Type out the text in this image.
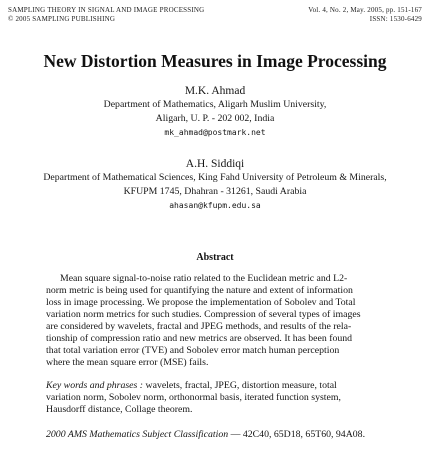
SAMPLING THEORY IN SIGNAL AND IMAGE PROCESSING
© 2005 SAMPLING PUBLISHING
Vol. 4, No. 2, May. 2005, pp. 151-167
ISSN: 1530-6429
New Distortion Measures in Image Processing
M.K. Ahmad
Department of Mathematics, Aligarh Muslim University,
Aligarh, U. P. - 202 002, India
mk_ahmad@postmark.net
A.H. Siddiqi
Department of Mathematical Sciences, King Fahd University of Petroleum & Minerals,
KFUPM 1745, Dhahran - 31261, Saudi Arabia
ahasan@kfupm.edu.sa
Abstract
Mean square signal-to-noise ratio related to the Euclidean metric and L2-
norm metric is being used for quantifying the nature and extent of information
loss in image processing. We propose the implementation of Sobolev and Total
variation norm metrics for such studies. Compression of several types of images
are considered by wavelets, fractal and JPEG methods, and results of the rela-
tionship of compression ratio and new metrics are observed. It has been found
that total variation error (TVE) and Sobolev error match human perception
where the mean square error (MSE) fails.
Key words and phrases : wavelets, fractal, JPEG, distortion measure, total
variation norm, Sobolev norm, orthonormal basis, iterated function system,
Hausdorff distance, Collage theorem.
2000 AMS Mathematics Subject Classification — 42C40, 65D18, 65T60, 94A08.
